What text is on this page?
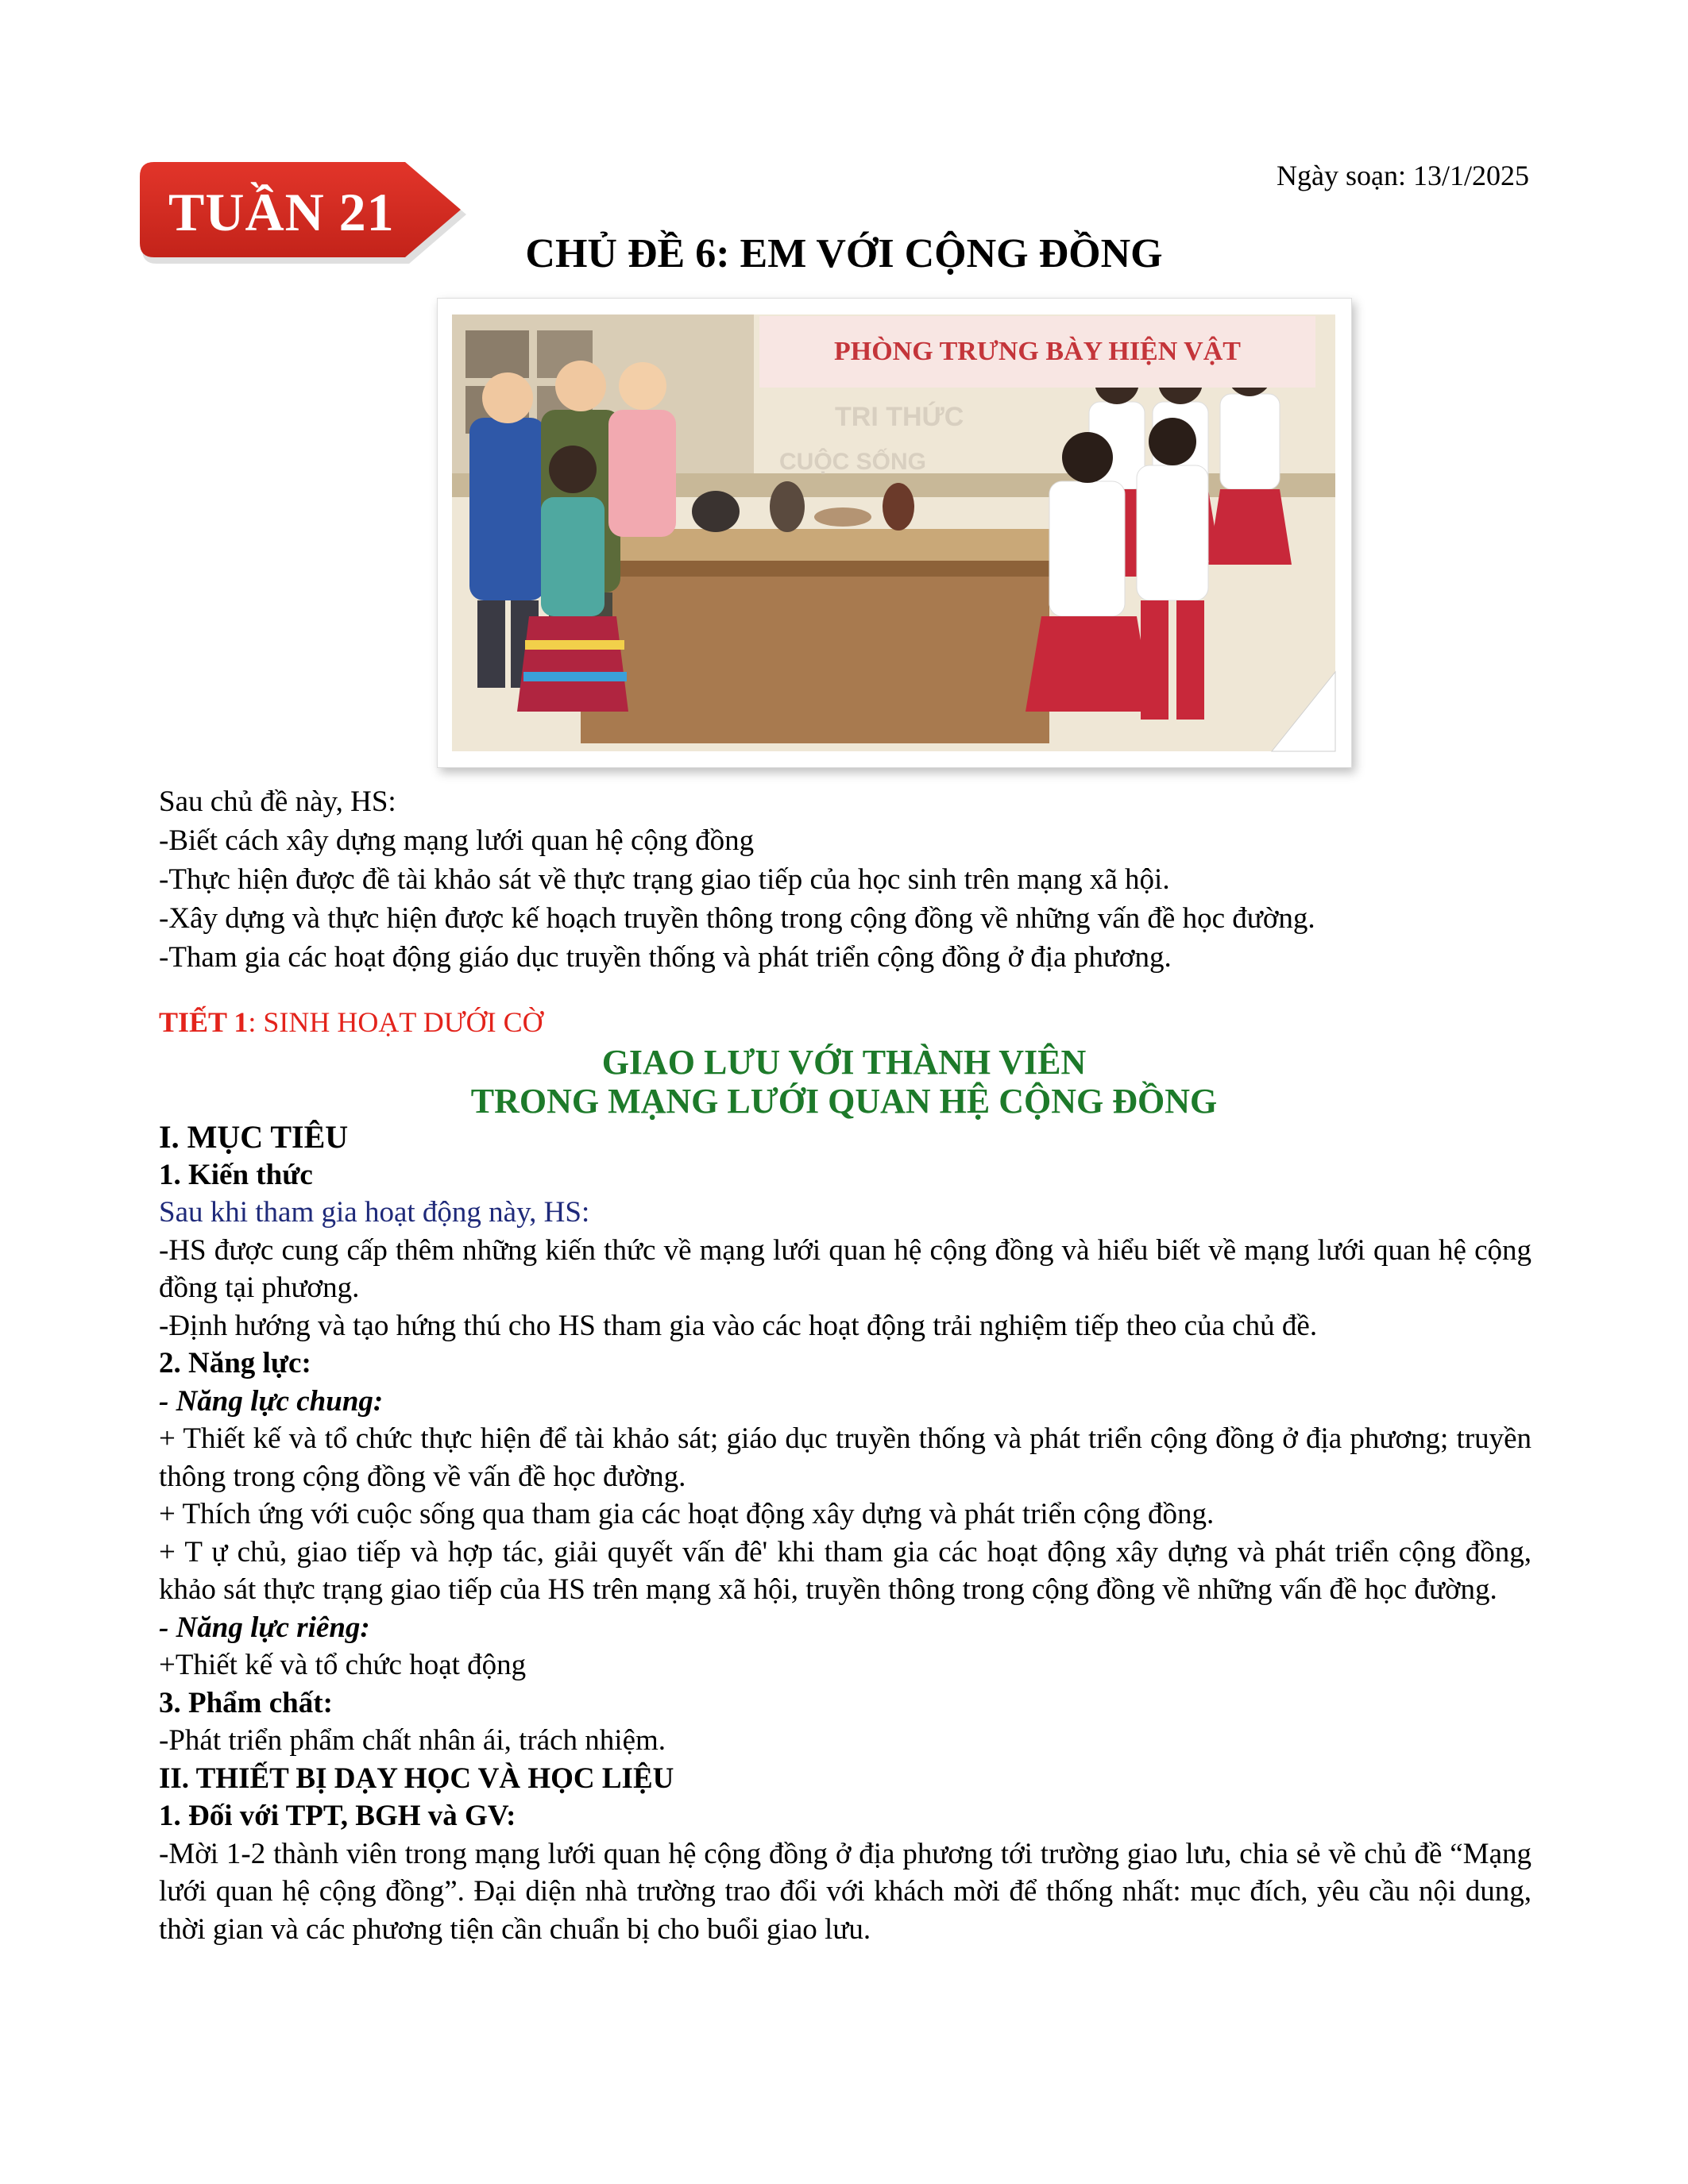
TUẦN 21
Ngày soạn: 13/1/2025
CHỦ ĐỀ 6: EM VỚI CỘNG ĐỒNG
TRI THỨC
CUỘC SỐNG
PHÒNG TRƯNG BÀY HIỆN VẬT
Sau chủ đề này, HS:
-Biết cách xây dựng mạng lưới quan hệ cộng đồng
-Thực hiện được đề tài khảo sát về thực trạng giao tiếp của học sinh trên mạng xã hội.
-Xây dựng và thực hiện được kế hoạch truyền thông trong cộng đồng về những vấn đề học đường.
-Tham gia các hoạt động giáo dục truyền thống và phát triển cộng đồng ở địa phương.
TIẾT 1: SINH HOẠT DƯỚI CỜ
GIAO LƯU VỚI THÀNH VIÊN
TRONG MẠNG LƯỚI QUAN HỆ CỘNG ĐỒNG

I. MỤC TIÊU

1. Kiến thức

Sau khi tham gia hoạt động này, HS:

-HS được cung cấp thêm những kiến thức về mạng lưới quan hệ cộng đồng và hiểu biết về mạng lưới quan hệ cộng đồng tại phương.

-Định hướng và tạo hứng thú cho HS tham gia vào các hoạt động trải nghiệm tiếp theo của chủ đề.

2. Năng lực:

- Năng lực chung:

+ Thiết kế và tổ chức thực hiện để tài khảo sát; giáo dục truyền thống và phát triển cộng đồng ở địa phương; truyền thông trong cộng đồng về vấn đề học đường.

+ Thích ứng với cuộc sống qua tham gia các hoạt động xây dựng và phát triển cộng đồng.

+ T ự chủ, giao tiếp và hợp tác, giải quyết vấn đê' khi tham gia các hoạt động xây dựng và phát triển cộng đồng, khảo sát thực trạng giao tiếp của HS trên mạng xã hội, truyền thông trong cộng đồng về những vấn đề học đường.

- Năng lực riêng:

+Thiết kế và tổ chức hoạt động

3. Phẩm chất:

-Phát triển phẩm chất nhân ái, trách nhiệm.

II. THIẾT BỊ DẠY HỌC VÀ HỌC LIỆU

1. Đối với TPT, BGH và GV:

-Mời 1-2 thành viên trong mạng lưới quan hệ cộng đồng ở địa phương tới trường giao lưu, chia sẻ về chủ đề “Mạng lưới quan hệ cộng đồng”. Đại diện nhà trường trao đổi với khách mời để thống nhất: mục đích, yêu cầu nội dung, thời gian và các phương tiện cần chuẩn bị cho buổi giao lưu.
